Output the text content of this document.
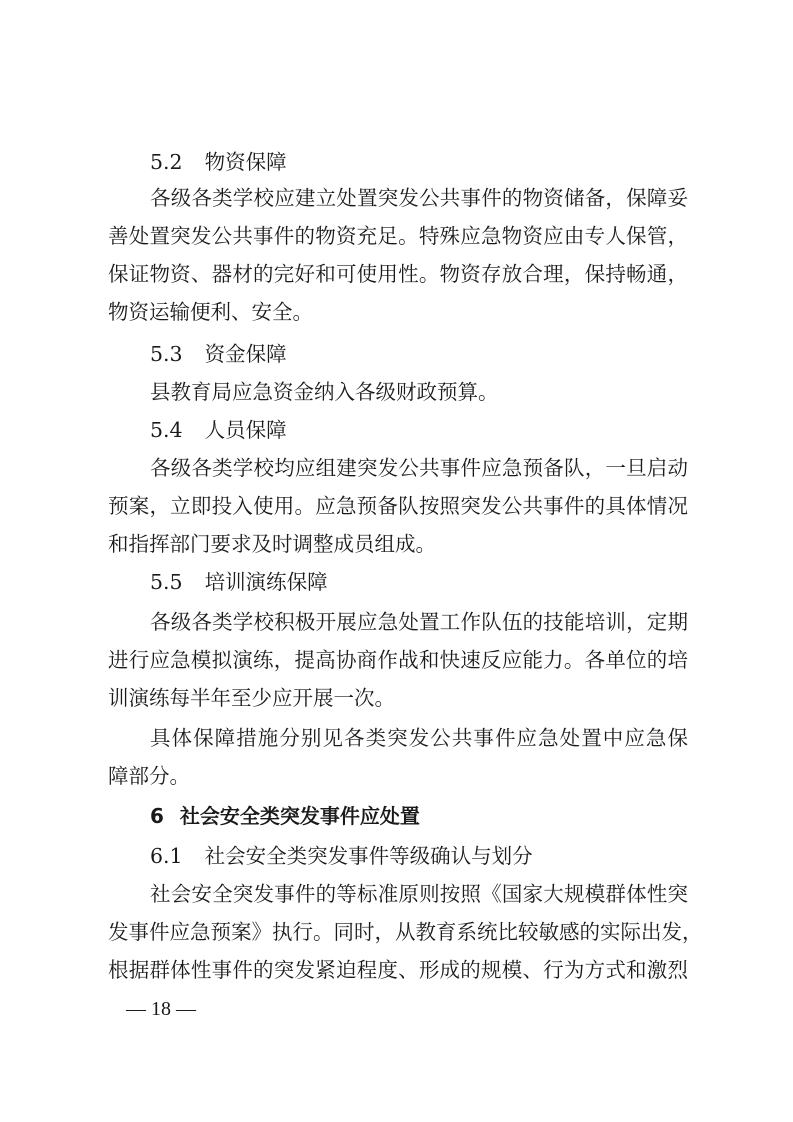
5.2 物资保障
各级各类学校应建立处置突发公共事件的物资储备，保障妥
善处置突发公共事件的物资充足。特殊应急物资应由专人保管，
保证物资、器材的完好和可使用性。物资存放合理，保持畅通，
物资运输便利、安全。
5.3 资金保障
县教育局应急资金纳入各级财政预算。
5.4 人员保障
各级各类学校均应组建突发公共事件应急预备队，一旦启动
预案，立即投入使用。应急预备队按照突发公共事件的具体情况
和指挥部门要求及时调整成员组成。
5.5 培训演练保障
各级各类学校积极开展应急处置工作队伍的技能培训，定期
进行应急模拟演练，提高协商作战和快速反应能力。各单位的培
训演练每半年至少应开展一次。
具体保障措施分别见各类突发公共事件应急处置中应急保
障部分。
6 社会安全类突发事件应处置
6.1 社会安全类突发事件等级确认与划分
社会安全突发事件的等标准原则按照《国家大规模群体性突
发事件应急预案》执行。同时，从教育系统比较敏感的实际出发，
根据群体性事件的突发紧迫程度、形成的规模、行为方式和激烈
— 18 —
